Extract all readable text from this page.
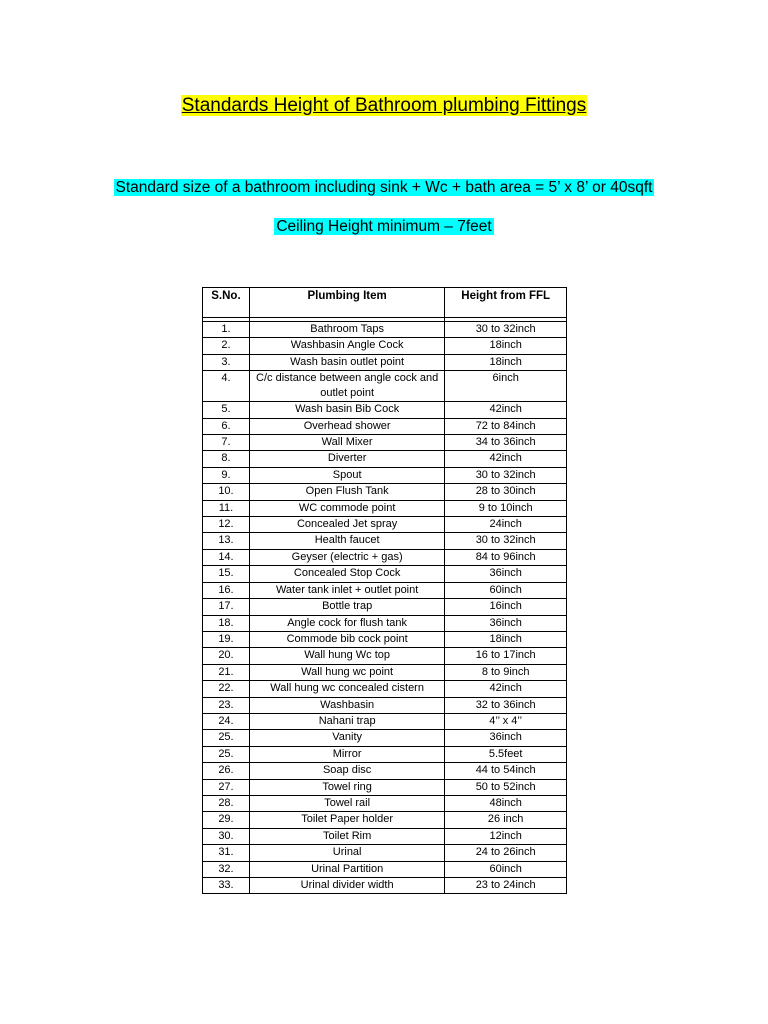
Standards Height of Bathroom plumbing Fittings
Standard size of a bathroom including sink + Wc + bath area = 5’ x 8’ or 40sqft
Ceiling Height minimum – 7feet
S.No.	Plumbing Item	Height from FFL

1.	Bathroom Taps	30 to 32inch
2.	Washbasin Angle Cock	18inch
3.	Wash basin outlet point	18inch
4.	C/c distance between angle cock and outlet point	6inch
5.	Wash basin Bib Cock	42inch
6.	Overhead shower	72 to 84inch
7.	Wall Mixer	34 to 36inch
8.	Diverter	42inch
9.	Spout	30 to 32inch
10.	Open Flush Tank	28 to 30inch
11.	WC commode point	9 to 10inch
12.	Concealed Jet spray	24inch
13.	Health faucet	30 to 32inch
14.	Geyser (electric + gas)	84 to 96inch
15.	Concealed Stop Cock	36inch
16.	Water tank inlet + outlet point	60inch
17.	Bottle trap	16inch
18.	Angle cock for flush tank	36inch
19.	Commode bib cock point	18inch
20.	Wall hung Wc top	16 to 17inch
21.	Wall hung wc point	8 to 9inch
22.	Wall hung wc concealed cistern	42inch
23.	Washbasin	32 to 36inch
24.	Nahani trap	4’’ x 4’’
25.	Vanity	36inch
25.	Mirror	5.5feet
26.	Soap disc	44 to 54inch
27.	Towel ring	50 to 52inch
28.	Towel rail	48inch
29.	Toilet Paper holder	26 inch
30.	Toilet Rim	12inch
31.	Urinal	24 to 26inch
32.	Urinal Partition	60inch
33.	Urinal divider width	23 to 24inch
